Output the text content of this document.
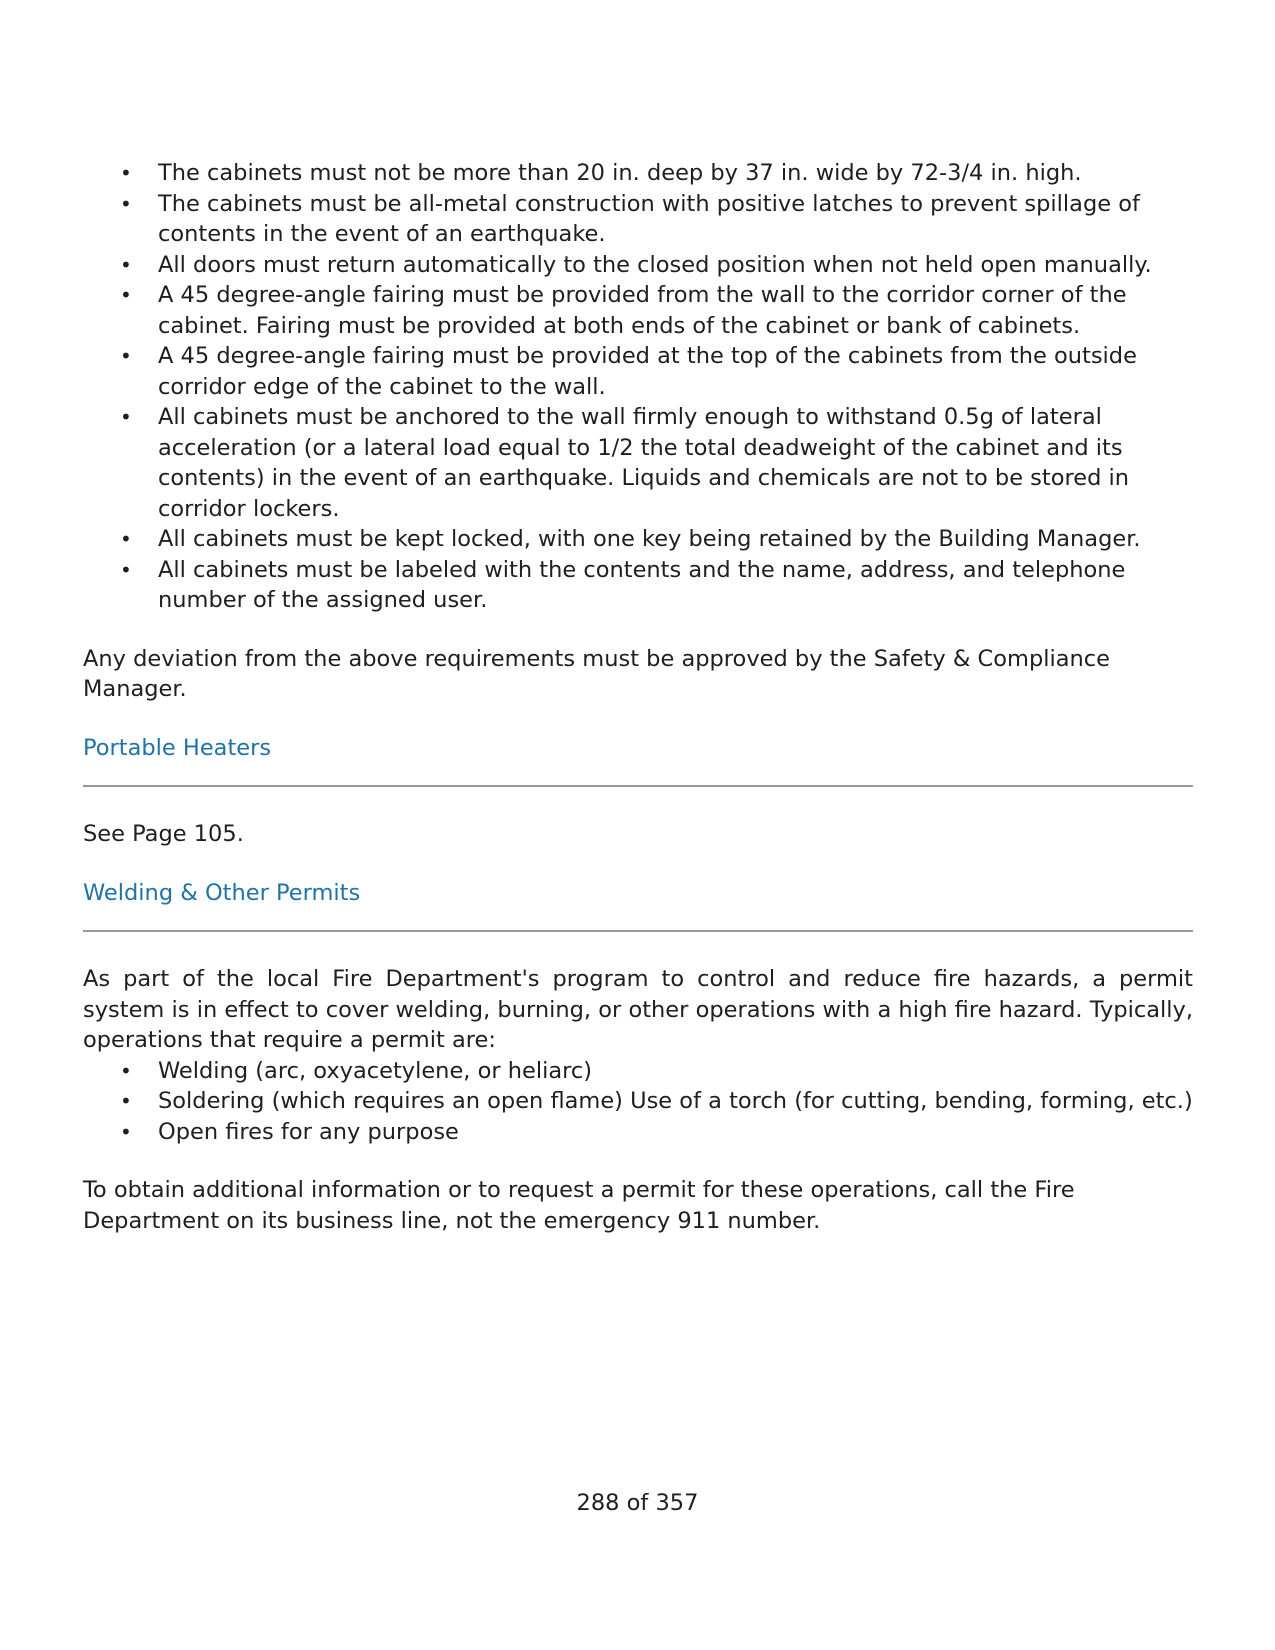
• The cabinets must not be more than 20 in. deep by 37 in. wide by 72-3/4 in. high.
• The cabinets must be all-metal construction with positive latches to prevent spillage of contents in the event of an earthquake.
• All doors must return automatically to the closed position when not held open manually.
• A 45 degree-angle fairing must be provided from the wall to the corridor corner of the cabinet. Fairing must be provided at both ends of the cabinet or bank of cabinets.
• A 45 degree-angle fairing must be provided at the top of the cabinets from the outside corridor edge of the cabinet to the wall.
• All cabinets must be anchored to the wall firmly enough to withstand 0.5g of lateral acceleration (or a lateral load equal to 1/2 the total deadweight of the cabinet and its contents) in the event of an earthquake. Liquids and chemicals are not to be stored in corridor lockers.
• All cabinets must be kept locked, with one key being retained by the Building Manager.
• All cabinets must be labeled with the contents and the name, address, and telephone number of the assigned user.

Any deviation from the above requirements must be approved by the Safety & Compliance Manager.

Portable Heaters

See Page 105.

Welding & Other Permits

As part of the local Fire Department's program to control and reduce fire hazards, a permit system is in effect to cover welding, burning, or other operations with a high fire hazard. Typically, operations that require a permit are:

• Welding (arc, oxyacetylene, or heliarc)
• Soldering (which requires an open flame) Use of a torch (for cutting, bending, forming, etc.)
• Open fires for any purpose

To obtain additional information or to request a permit for these operations, call the Fire Department on its business line, not the emergency 911 number.

288 of 357
